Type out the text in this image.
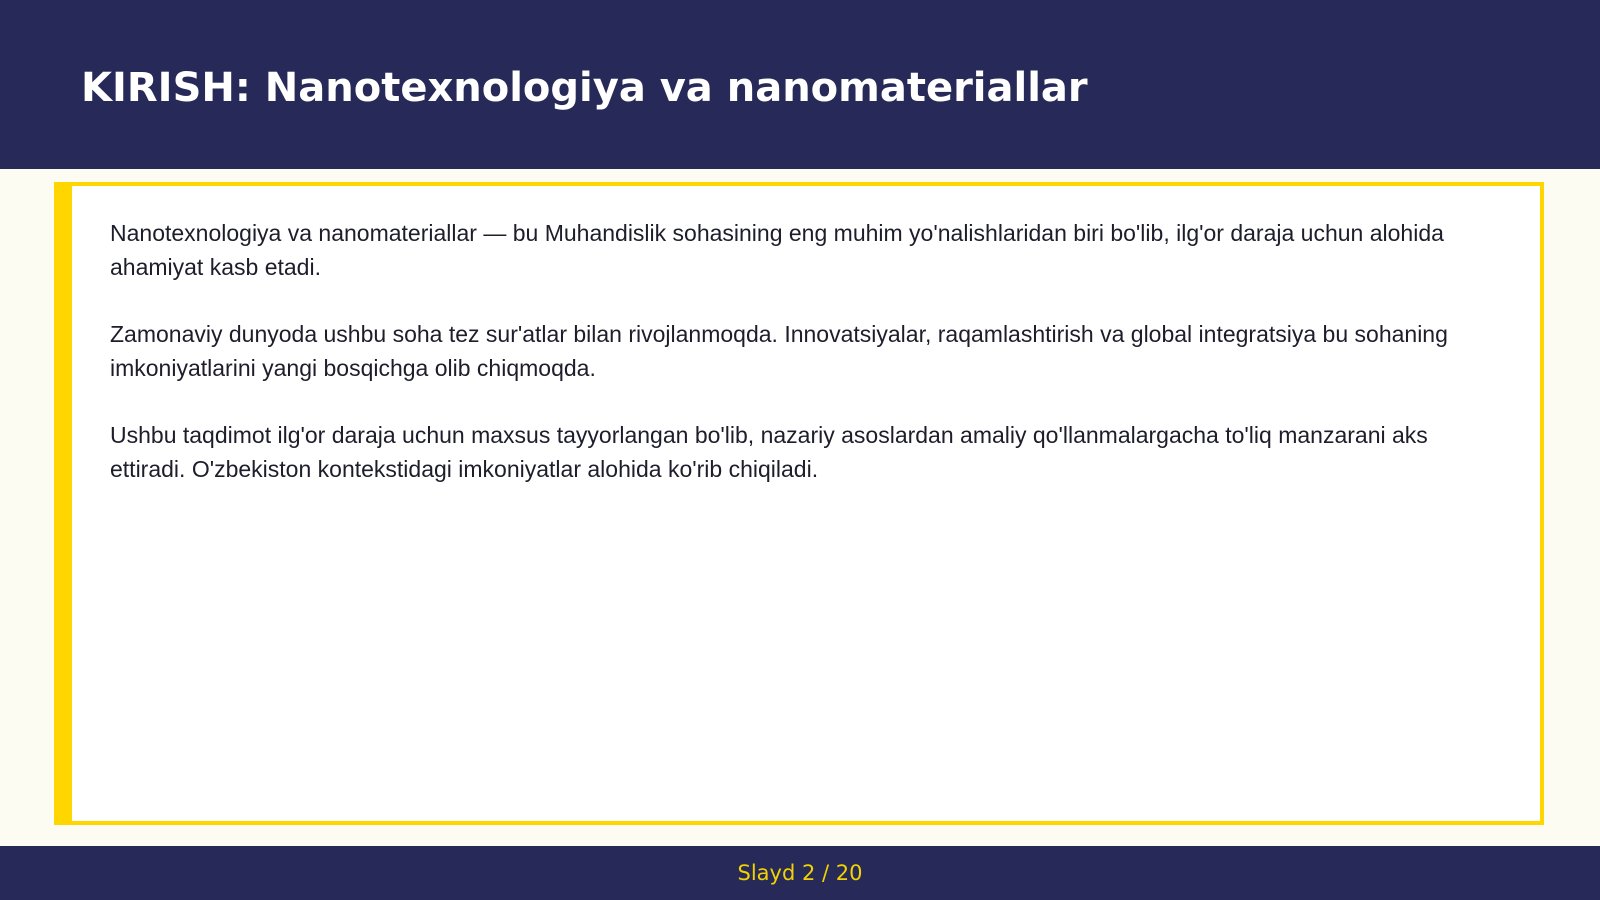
KIRISH: Nanotexnologiya va nanomateriallar

Nanotexnologiya va nanomateriallar — bu Muhandislik sohasining eng muhim yo'nalishlaridan biri bo'lib, ilg'or daraja uchun alohida ahamiyat kasb etadi.

Zamonaviy dunyoda ushbu soha tez sur'atlar bilan rivojlanmoqda. Innovatsiyalar, raqamlashtirish va global integratsiya bu sohaning imkoniyatlarini yangi bosqichga olib chiqmoqda.

Ushbu taqdimot ilg'or daraja uchun maxsus tayyorlangan bo'lib, nazariy asoslardan amaliy qo'llanmalargacha to'liq manzarani aks ettiradi. O'zbekiston kontekstidagi imkoniyatlar alohida ko'rib chiqiladi.

Slayd 2 / 20
